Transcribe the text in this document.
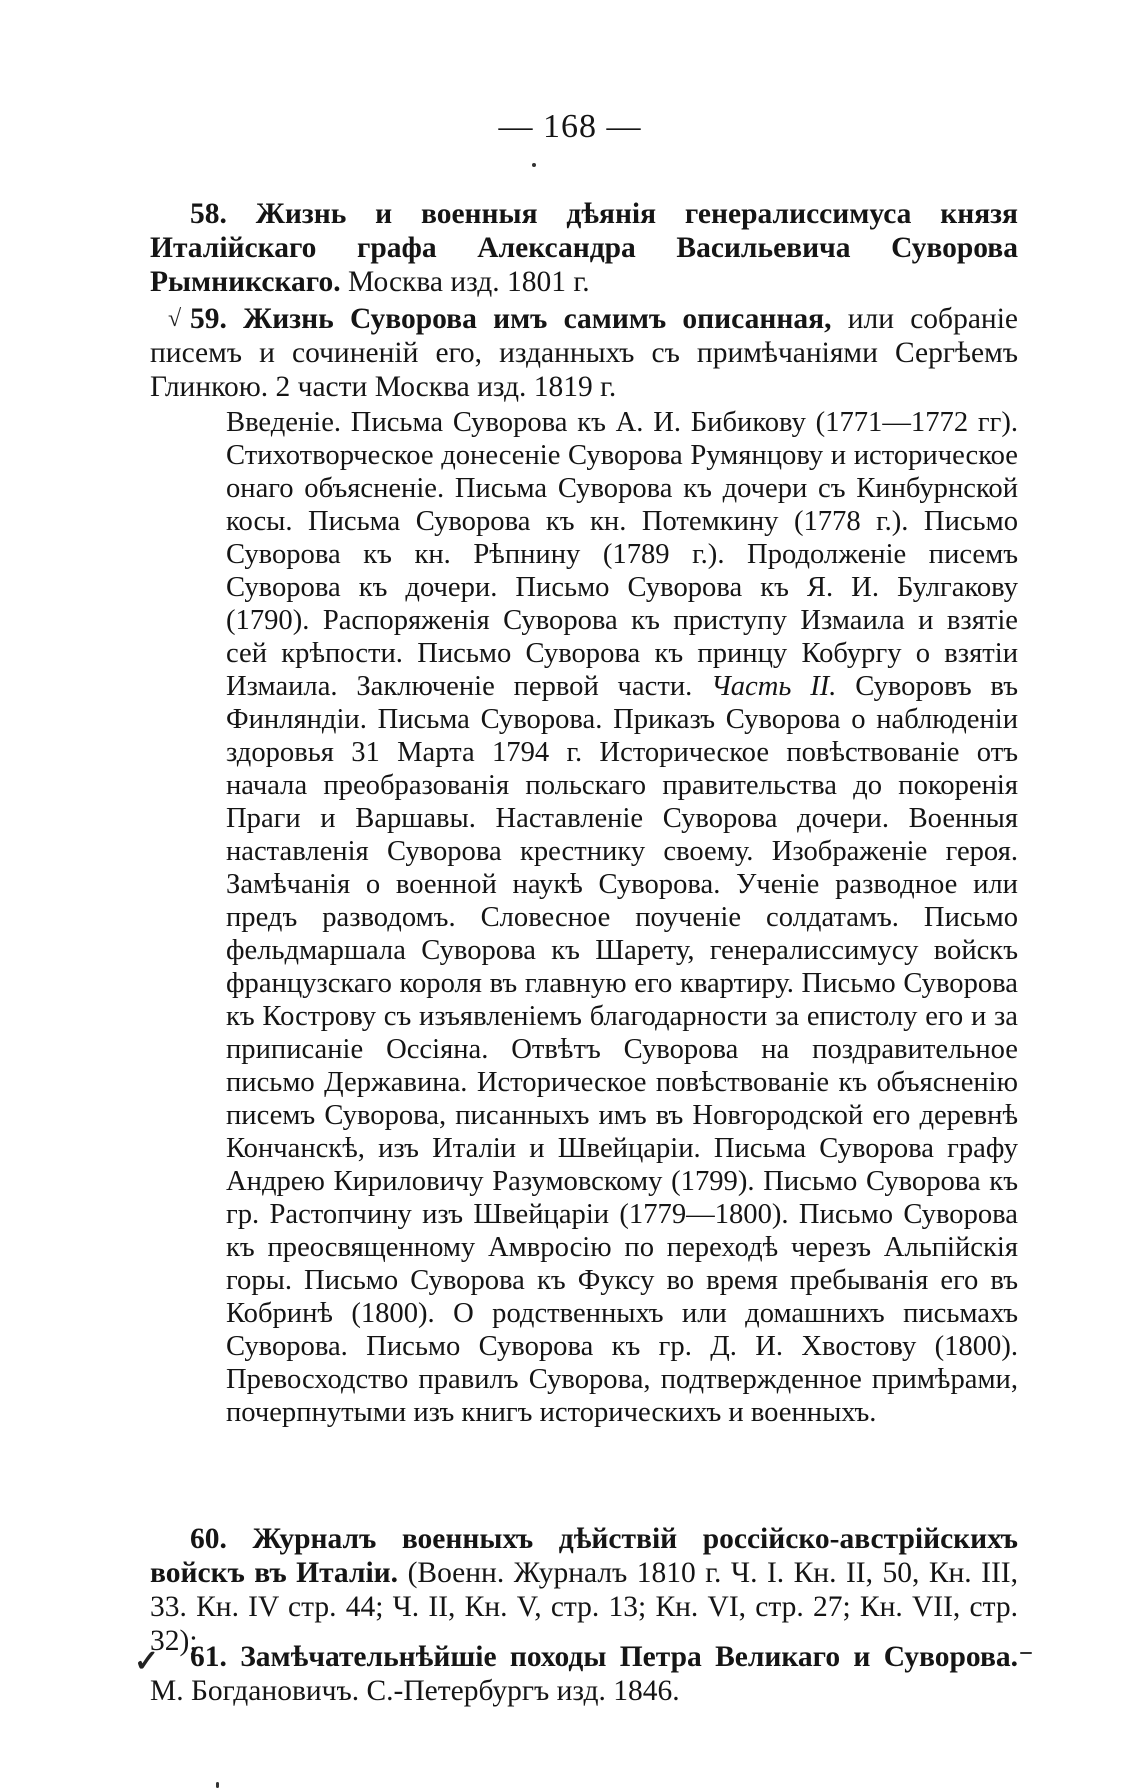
— 168 —
58. Жизнь и военныя дѣянія генералиссимуса князя Италійскаго графа Александра Васильевича Суворова Рымникскаго. Москва изд. 1801 г.
√ 59. Жизнь Суворова имъ самимъ описанная, или собраніе писемъ и сочиненій его, изданныхъ съ примѣчаніями Сергѣемъ Глинкою. 2 части Москва изд. 1819 г.
Введеніе. Письма Суворова къ А. И. Бибикову (1771—1772 гг). Стихотворческое донесеніе Суворова Румянцову и историческое онаго объясненіе. Письма Суворова къ дочери съ Кинбурнской косы. Письма Суворова къ кн. Потемкину (1778 г.). Письмо Суворова къ кн. Рѣпнину (1789 г.). Продолженіе писемъ Суворова къ дочери. Письмо Суворова къ Я. И. Булгакову (1790). Распоряженія Суворова къ приступу Измаила и взятіе сей крѣпости. Письмо Суворова къ принцу Кобургу о взятіи Измаила. Заключеніе первой части. Часть II. Суворовъ въ Финляндіи. Письма Суворова. Приказъ Суворова о наблюденіи здоровья 31 Марта 1794 г. Историческое повѣствованіе отъ начала преобразованія польскаго правительства до покоренія Праги и Варшавы. Наставленіе Суворова дочери. Военныя наставленія Суворова крестнику своему. Изображеніе героя. Замѣчанія о военной наукѣ Суворова. Ученіе разводное или предъ разводомъ. Словесное поученіе солдатамъ. Письмо фельдмаршала Суворова къ Шарету, генералиссимусу войскъ французскаго короля въ главную его квартиру. Письмо Суворова къ Кострову съ изъявленіемъ благодарности за епистолу его и за приписаніе Оссіяна. Отвѣтъ Суворова на поздравительное письмо Державина. Историческое повѣствованіе къ объясненію писемъ Суворова, писанныхъ имъ въ Новгородской его деревнѣ Кончанскѣ, изъ Италіи и Швейцаріи. Письма Суворова графу Андрею Кириловичу Разумовскому (1799). Письмо Суворова къ гр. Растопчину изъ Швейцаріи (1779—1800). Письмо Суворова къ преосвященному Амвросію по переходѣ черезъ Альпійскія горы. Письмо Суворова къ Фуксу во время пребыванія его въ Кобринѣ (1800). О родственныхъ или домашнихъ письмахъ Суворова. Письмо Суворова къ гр. Д. И. Хвостову (1800). Превосходство правилъ Суворова, подтвержденное примѣрами, почерпнутыми изъ книгъ историческихъ и военныхъ.
60. Журналъ военныхъ дѣйствій россійско-австрійскихъ войскъ въ Италіи. (Военн. Журналъ 1810 г. Ч. I. Кн. II, 50, Кн. III, 33. Кн. IV стр. 44; Ч. II, Кн. V, стр. 13; Кн. VI, стр. 27; Кн. VII, стр. 32);
✓	61. Замѣчательнѣйшіе походы Петра Великаго и Суворова. М. Богдановичъ. С.-Петербургъ изд. 1846.
